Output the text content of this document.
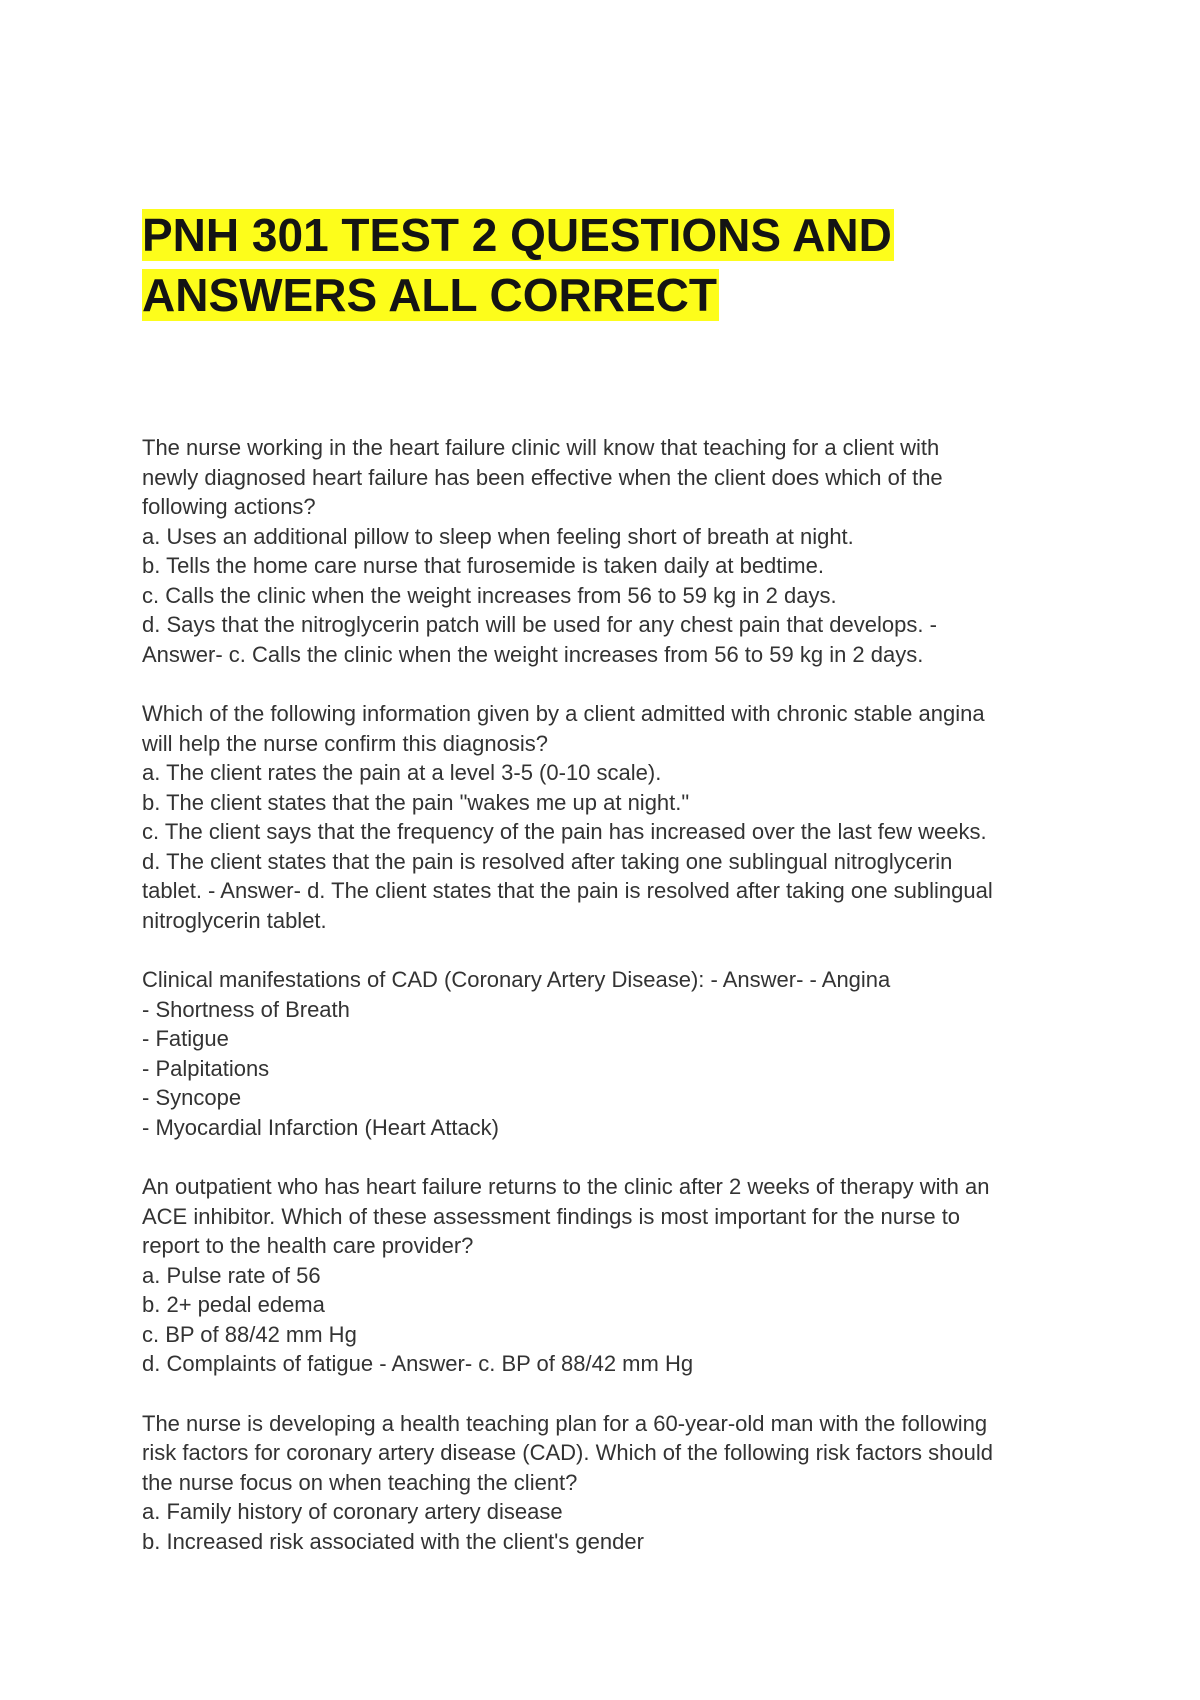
PNH 301 TEST 2 QUESTIONS AND
ANSWERS ALL CORRECT
The nurse working in the heart failure clinic will know that teaching for a client with
newly diagnosed heart failure has been effective when the client does which of the
following actions?
a. Uses an additional pillow to sleep when feeling short of breath at night.
b. Tells the home care nurse that furosemide is taken daily at bedtime.
c. Calls the clinic when the weight increases from 56 to 59 kg in 2 days.
d. Says that the nitroglycerin patch will be used for any chest pain that develops. -
Answer- c. Calls the clinic when the weight increases from 56 to 59 kg in 2 days.
Which of the following information given by a client admitted with chronic stable angina
will help the nurse confirm this diagnosis?
a. The client rates the pain at a level 3-5 (0-10 scale).
b. The client states that the pain "wakes me up at night."
c. The client says that the frequency of the pain has increased over the last few weeks.
d. The client states that the pain is resolved after taking one sublingual nitroglycerin
tablet. - Answer- d. The client states that the pain is resolved after taking one sublingual
nitroglycerin tablet.
Clinical manifestations of CAD (Coronary Artery Disease): - Answer- - Angina
- Shortness of Breath
- Fatigue
- Palpitations
- Syncope
- Myocardial Infarction (Heart Attack)
An outpatient who has heart failure returns to the clinic after 2 weeks of therapy with an
ACE inhibitor. Which of these assessment findings is most important for the nurse to
report to the health care provider?
a. Pulse rate of 56
b. 2+ pedal edema
c. BP of 88/42 mm Hg
d. Complaints of fatigue - Answer- c. BP of 88/42 mm Hg
The nurse is developing a health teaching plan for a 60-year-old man with the following
risk factors for coronary artery disease (CAD). Which of the following risk factors should
the nurse focus on when teaching the client?
a. Family history of coronary artery disease
b. Increased risk associated with the client's gender
